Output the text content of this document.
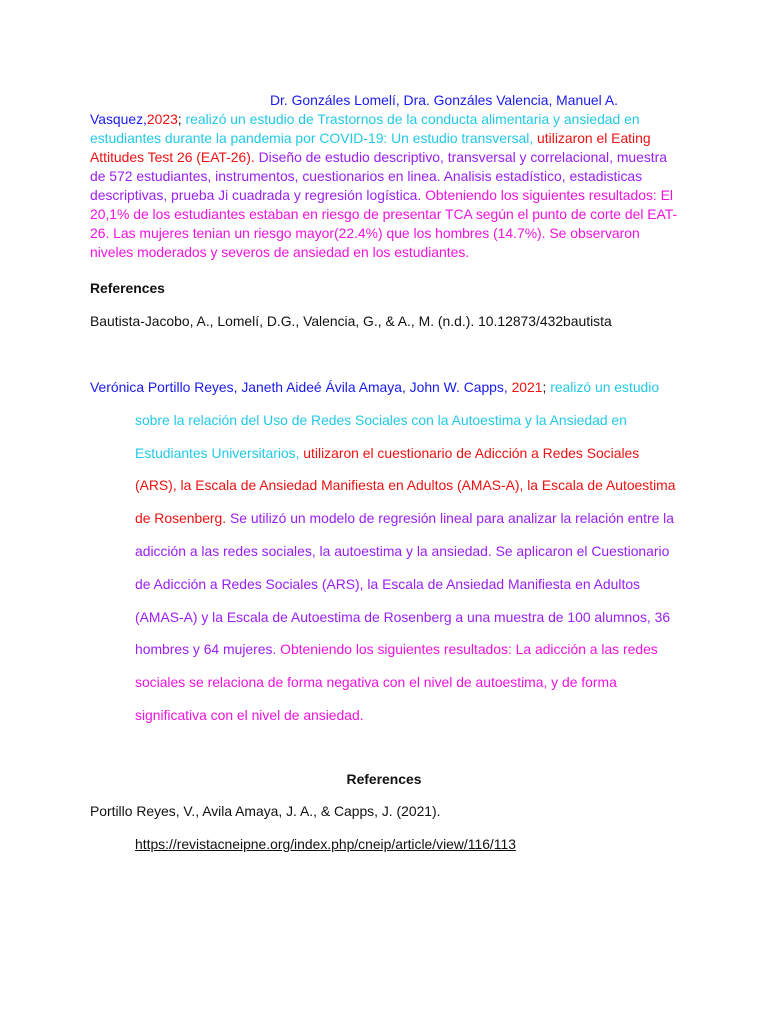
Dr. Gonzáles Lomelí, Dra. Gonzáles Valencia, Manuel A. Vasquez,2023; realizó un estudio de Trastornos de la conducta alimentaria y ansiedad en estudiantes durante la pandemia por COVID-19: Un estudio transversal, utilizaron el Eating Attitudes Test 26 (EAT-26). Diseño de estudio descriptivo, transversal y correlacional, muestra de 572 estudiantes, instrumentos, cuestionarios en linea. Analisis estadístico, estadisticas descriptivas, prueba Ji cuadrada y regresión logística. Obteniendo los siguientes resultados: El 20,1% de los estudiantes estaban en riesgo de presentar TCA según el punto de corte del EAT-26. Las mujeres tenian un riesgo mayor(22.4%) que los hombres (14.7%). Se observaron niveles moderados y severos de ansiedad en los estudiantes.

References

Bautista-Jacobo, A., Lomelí, D.G., Valencia, G., & A., M. (n.d.). 10.12873/432bautista

Verónica Portillo Reyes, Janeth Aideé Ávila Amaya, John W. Capps, 2021; realizó un estudio
sobre la relación del Uso de Redes Sociales con la Autoestima y la Ansiedad en
Estudiantes Universitarios, utilizaron el cuestionario de Adicción a Redes Sociales
(ARS), la Escala de Ansiedad Manifiesta en Adultos (AMAS-A), la Escala de Autoestima
de Rosenberg. Se utilizó un modelo de regresión lineal para analizar la relación entre la
adicción a las redes sociales, la autoestima y la ansiedad. Se aplicaron el Cuestionario
de Adicción a Redes Sociales (ARS), la Escala de Ansiedad Manifiesta en Adultos
(AMAS-A) y la Escala de Autoestima de Rosenberg a una muestra de 100 alumnos, 36
hombres y 64 mujeres. Obteniendo los siguientes resultados: La adicción a las redes
sociales se relaciona de forma negativa con el nivel de autoestima, y de forma
significativa con el nivel de ansiedad.

References

Portillo Reyes, V., Avila Amaya, J. A., & Capps, J. (2021).

https://revistacneipne.org/index.php/cneip/article/view/116/113
